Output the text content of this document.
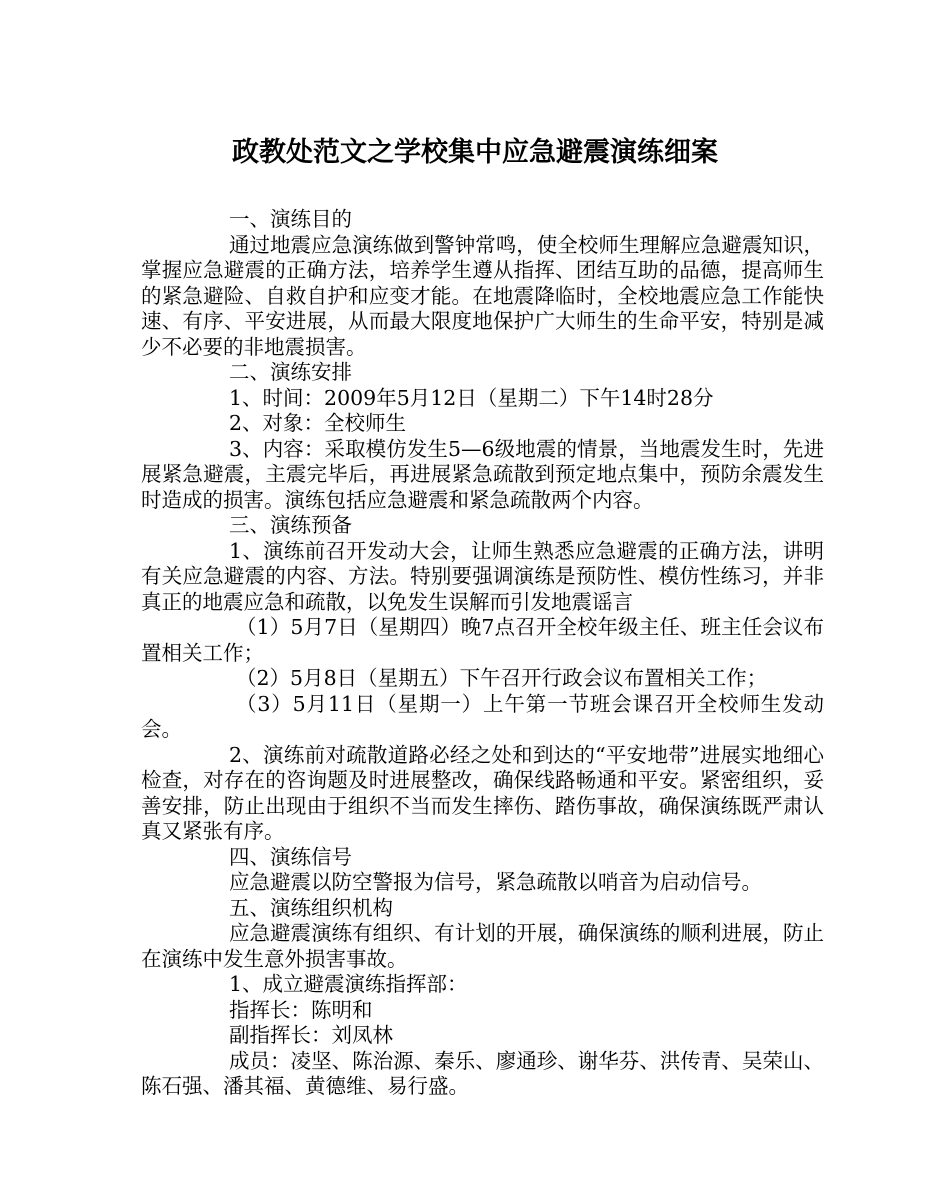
政教处范文之学校集中应急避震演练细案

一、演练目的

通过地震应急演练做到警钟常鸣，使全校师生理解应急避震知识，掌握应急避震的正确方法，培养学生遵从指挥、团结互助的品德，提高师生的紧急避险、自救自护和应变才能。在地震降临时，全校地震应急工作能快速、有序、平安进展，从而最大限度地保护广大师生的生命平安，特别是减少不必要的非地震损害。

二、演练安排

1、时间：2009年5月12日（星期二）下午14时28分

2、对象：全校师生

3、内容：采取模仿发生5—6级地震的情景，当地震发生时，先进展紧急避震，主震完毕后，再进展紧急疏散到预定地点集中，预防余震发生时造成的损害。演练包括应急避震和紧急疏散两个内容。

三、演练预备

1、演练前召开发动大会，让师生熟悉应急避震的正确方法，讲明有关应急避震的内容、方法。特别要强调演练是预防性、模仿性练习，并非真正的地震应急和疏散，以免发生误解而引发地震谣言

（1）5月7日（星期四）晚7点召开全校年级主任、班主任会议布置相关工作；

（2）5月8日（星期五）下午召开行政会议布置相关工作；

（3）5月11日（星期一）上午第一节班会课召开全校师生发动会。

2、演练前对疏散道路必经之处和到达的“平安地带”进展实地细心检查，对存在的咨询题及时进展整改，确保线路畅通和平安。紧密组织，妥善安排，防止出现由于组织不当而发生摔伤、踏伤事故，确保演练既严肃认真又紧张有序。

四、演练信号

应急避震以防空警报为信号，紧急疏散以哨音为启动信号。

五、演练组织机构

应急避震演练有组织、有计划的开展，确保演练的顺利进展，防止在演练中发生意外损害事故。

1、成立避震演练指挥部：

指挥长：陈明和

副指挥长：刘凤林

成员：凌坚、陈治源、秦乐、廖通珍、谢华芬、洪传青、吴荣山、陈石强、潘其福、黄德维、易行盛。
